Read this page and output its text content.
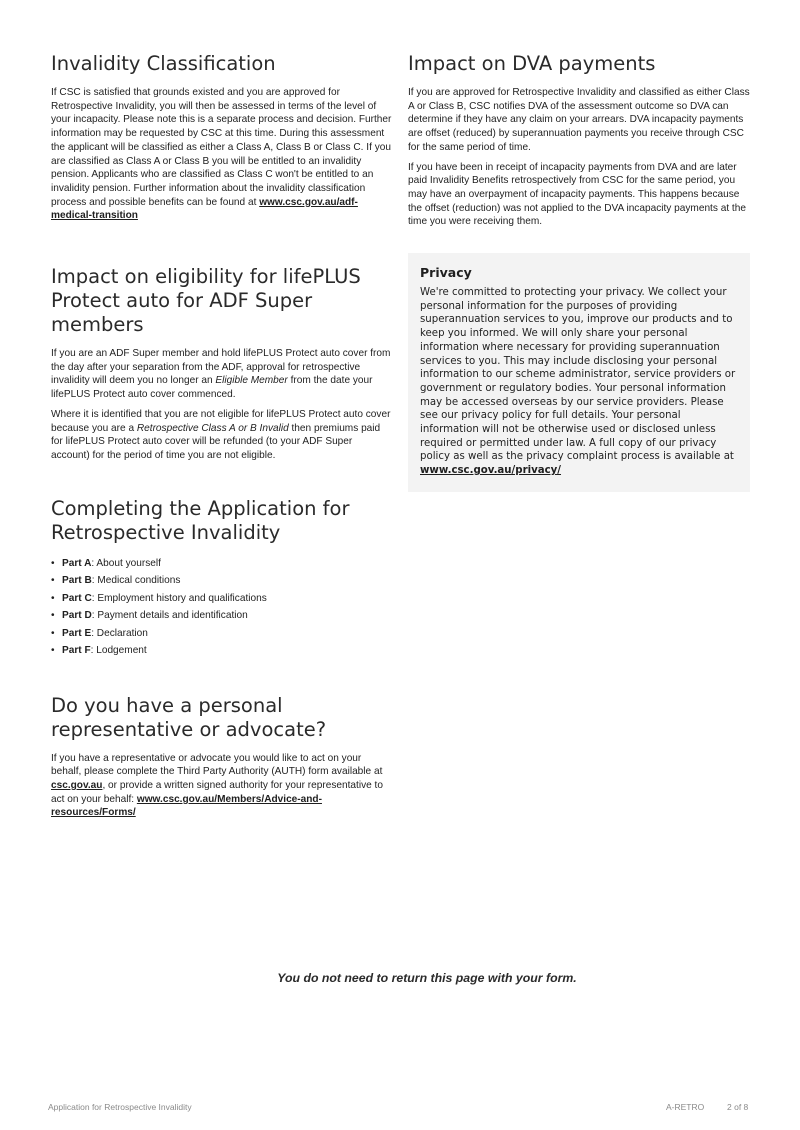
Invalidity Classification

If CSC is satisfied that grounds existed and you are approved for Retrospective Invalidity, you will then be assessed in terms of the level of your incapacity. Please note this is a separate process and decision. Further information may be requested by CSC at this time. During this assessment the applicant will be classified as either a Class A, Class B or Class C. If you are classified as Class A or Class B you will be entitled to an invalidity pension. Applicants who are classified as Class C won't be entitled to an invalidity pension. Further information about the invalidity classification process and possible benefits can be found at www.csc.gov.au/adf-medical-transition

Impact on eligibility for lifePLUS Protect auto for ADF Super members

If you are an ADF Super member and hold lifePLUS Protect auto cover from the day after your separation from the ADF, approval for retrospective invalidity will deem you no longer an Eligible Member from the date your lifePLUS Protect auto cover commenced.

Where it is identified that you are not eligible for lifePLUS Protect auto cover because you are a Retrospective Class A or B Invalid then premiums paid for lifePLUS Protect auto cover will be refunded (to your ADF Super account) for the period of time you are not eligible.

Completing the Application for Retrospective Invalidity
• Part A: About yourself
• Part B: Medical conditions
• Part C: Employment history and qualifications
• Part D: Payment details and identification
• Part E: Declaration
• Part F: Lodgement
Do you have a personal representative or advocate?

If you have a representative or advocate you would like to act on your behalf, please complete the Third Party Authority (AUTH) form available at csc.gov.au, or provide a written signed authority for your representative to act on your behalf: www.csc.gov.au/Members/Advice-and-resources/Forms/

Impact on DVA payments

If you are approved for Retrospective Invalidity and classified as either Class A or Class B, CSC notifies DVA of the assessment outcome so DVA can determine if they have any claim on your arrears. DVA incapacity payments are offset (reduced) by superannuation payments you receive through CSC for the same period of time.

If you have been in receipt of incapacity payments from DVA and are later paid Invalidity Benefits retrospectively from CSC for the same period, you may have an overpayment of incapacity payments. This happens because the offset (reduction) was not applied to the DVA incapacity payments at the time you were receiving them.

Privacy

We're committed to protecting your privacy. We collect your personal information for the purposes of providing superannuation services to you, improve our products and to keep you informed. We will only share your personal information where necessary for providing superannuation services to you. This may include disclosing your personal information to our scheme administrator, service providers or government or regulatory bodies. Your personal information may be accessed overseas by our service providers. Please see our privacy policy for full details. Your personal information will not be otherwise used or disclosed unless required or permitted under law. A full copy of our privacy policy as well as the privacy complaint process is available at www.csc.gov.au/privacy/

You do not need to return this page with your form.
Application for Retrospective Invalidity	A-RETRO	2 of 8
